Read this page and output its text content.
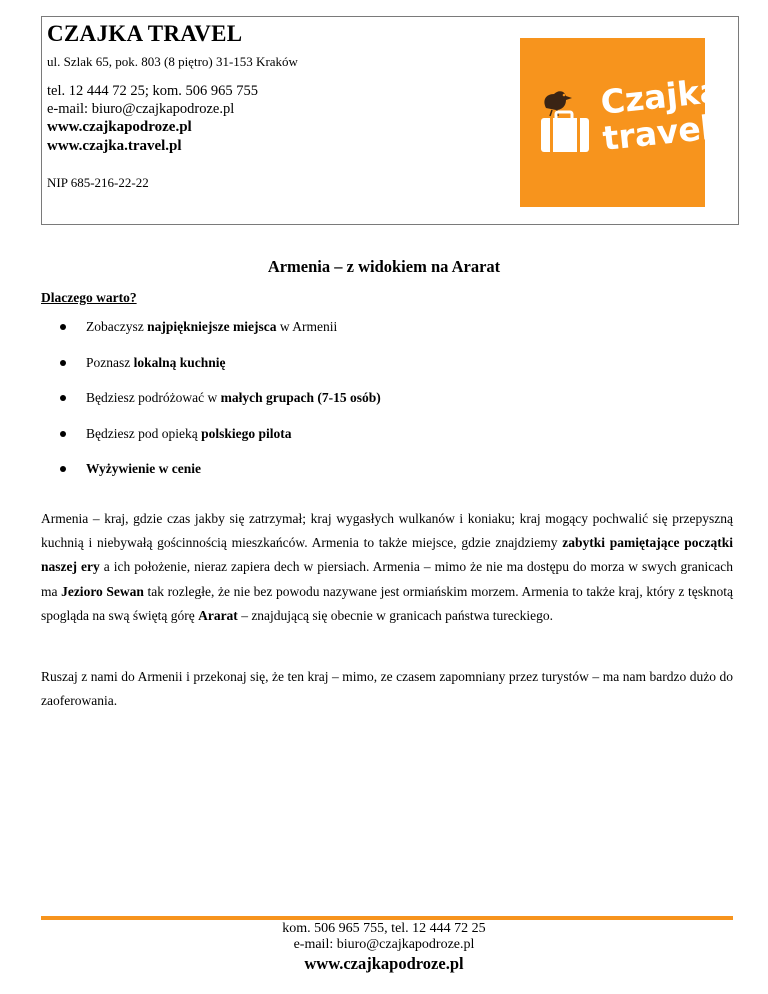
CZAJKA TRAVEL
ul. Szlak 65, pok. 803 (8 piętro) 31-153 Kraków
tel. 12 444 72 25; kom. 506 965 755
e-mail: biuro@czajkapodroze.pl
www.czajkapodroze.pl
www.czajka.travel.pl
NIP 685-216-22-22
Czajka
travel
Armenia – z widokiem na Ararat
Dlaczego warto?
Zobaczysz najpiękniejsze miejsca w Armenii
Poznasz lokalną kuchnię
Będziesz podróżować w małych grupach (7-15 osób)
Będziesz pod opieką polskiego pilota
Wyżywienie w cenie

Armenia – kraj, gdzie czas jakby się zatrzymał; kraj wygasłych wulkanów i koniaku; kraj mogący pochwalić się przepyszną kuchnią i niebywałą gościnnością mieszkańców. Armenia to także miejsce, gdzie znajdziemy zabytki pamiętające początki naszej ery a ich położenie, nieraz zapiera dech w piersiach. Armenia – mimo że nie ma dostępu do morza w swych granicach ma Jezioro Sewan tak rozległe, że nie bez powodu nazywane jest ormiańskim morzem. Armenia to także kraj, który z tęsknotą spogląda na swą świętą górę Ararat – znajdującą się obecnie w granicach państwa tureckiego.

Ruszaj z nami do Armenii i przekonaj się, że ten kraj – mimo, ze czasem zapomniany przez turystów – ma nam bardzo dużo do zaoferowania.

kom. 506 965 755, tel. 12 444 72 25
e-mail: biuro@czajkapodroze.pl
www.czajkapodroze.pl
